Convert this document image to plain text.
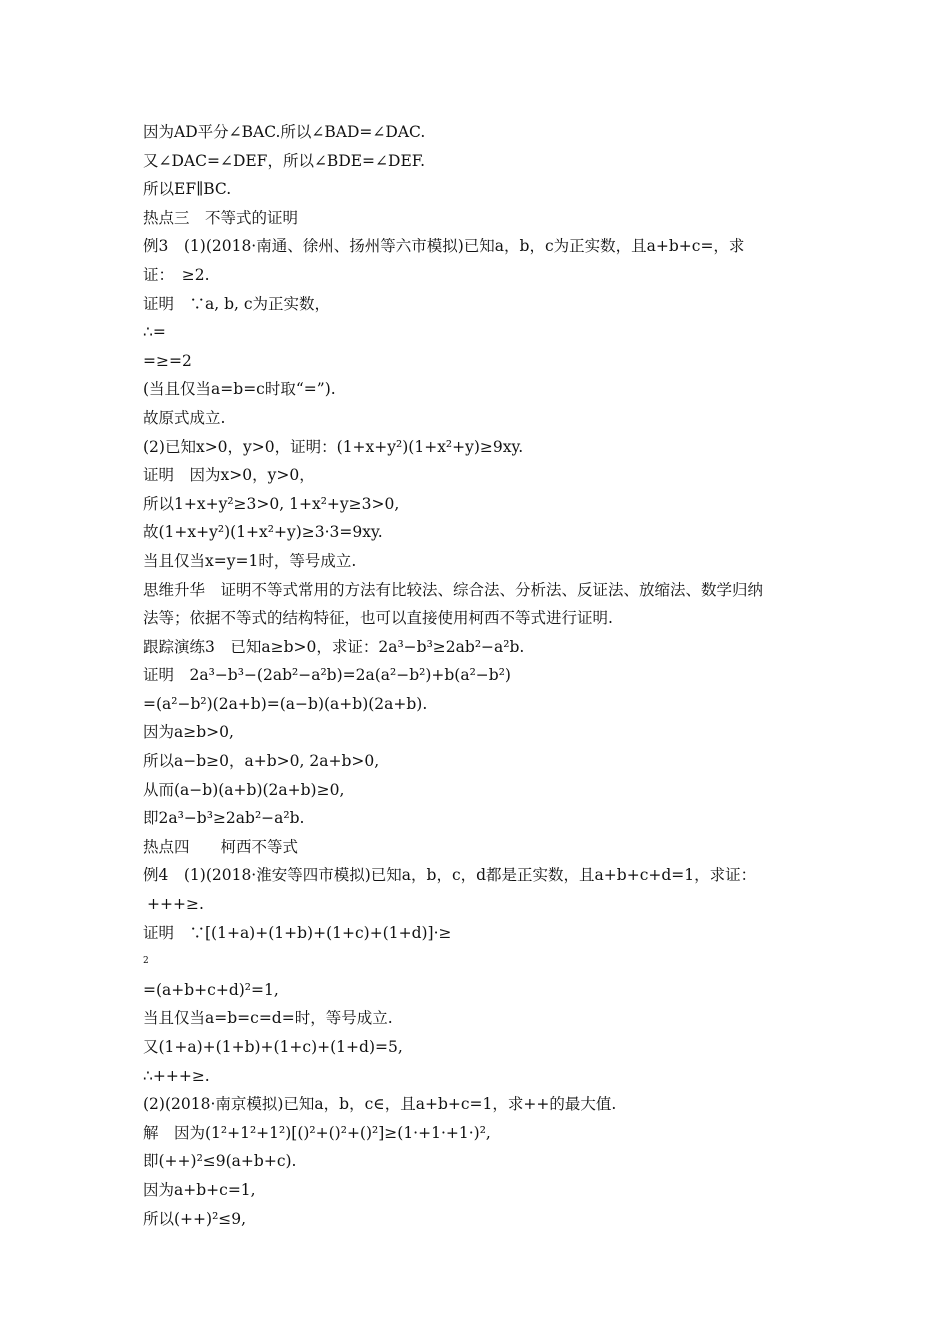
因为AD平分∠BAC.所以∠BAD=∠DAC.
又∠DAC=∠DEF，所以∠BDE=∠DEF.
所以EF∥BC.
热点三　不等式的证明
例3　(1)(2018·南通、徐州、扬州等六市模拟)已知a，b，c为正实数，且a+b+c=，求
证：　≥2.
证明　∵a, b, c为正实数，
∴=
=≥=2
(当且仅当a=b=c时取“=”).
故原式成立.
(2)已知x>0，y>0，证明：(1+x+y²)(1+x²+y)≥9xy.
证明　因为x>0，y>0，
所以1+x+y²≥3>0, 1+x²+y≥3>0,
故(1+x+y²)(1+x²+y)≥3·3=9xy.
当且仅当x=y=1时，等号成立.
思维升华　证明不等式常用的方法有比较法、综合法、分析法、反证法、放缩法、数学归纳
法等；依据不等式的结构特征，也可以直接使用柯西不等式进行证明.
跟踪演练3　已知a≥b>0，求证：2a³−b³≥2ab²−a²b.
证明　2a³−b³−(2ab²−a²b)=2a(a²−b²)+b(a²−b²)
=(a²−b²)(2a+b)=(a−b)(a+b)(2a+b).
因为a≥b>0,
所以a−b≥0，a+b>0, 2a+b>0,
从而(a−b)(a+b)(2a+b)≥0,
即2a³−b³≥2ab²−a²b.
热点四　　柯西不等式
例4　(1)(2018·淮安等四市模拟)已知a，b，c，d都是正实数，且a+b+c+d=1，求证：
+++≥.
证明　∵[(1+a)+(1+b)+(1+c)+(1+d)]·≥
2
=(a+b+c+d)²=1,
当且仅当a=b=c=d=时，等号成立.
又(1+a)+(1+b)+(1+c)+(1+d)=5,
∴+++≥.
(2)(2018·南京模拟)已知a，b，c∈，且a+b+c=1，求++的最大值.
解　因为(1²+1²+1²)[()²+()²+()²]≥(1·+1·+1·)²,
即(++)²≤9(a+b+c).
因为a+b+c=1,
所以(++)²≤9,
